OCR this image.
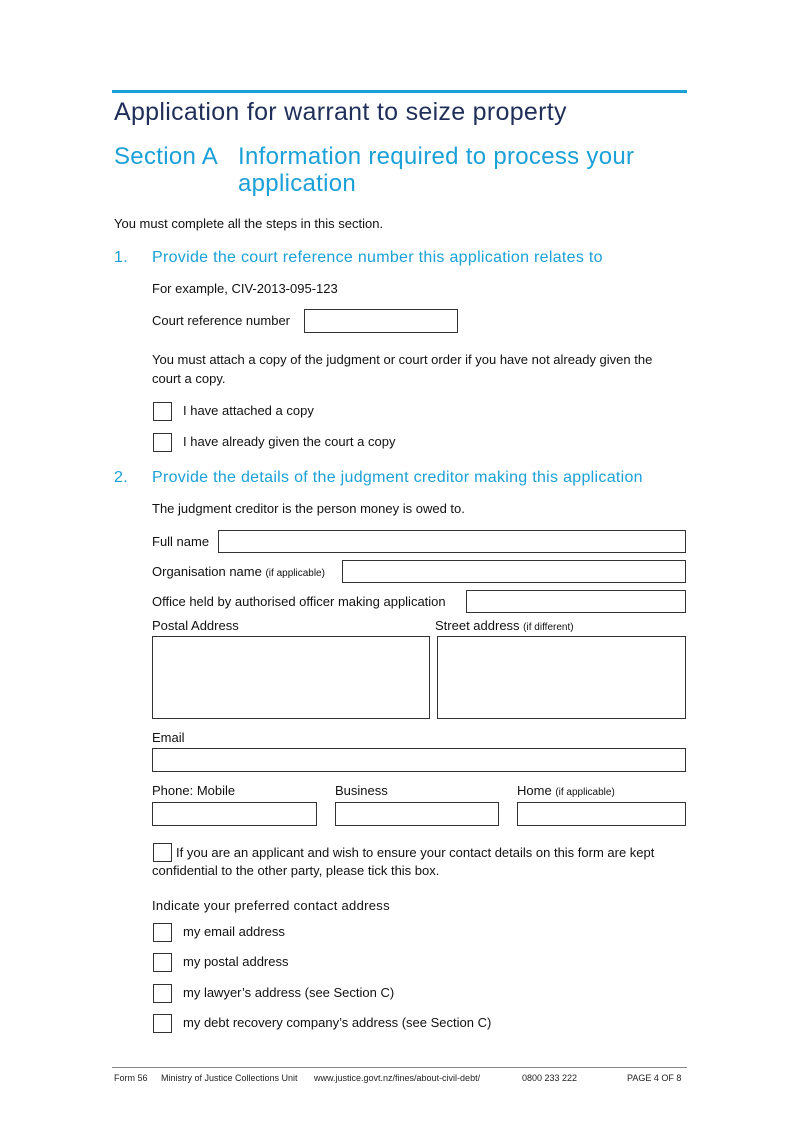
Application for warrant to seize property
Section A Information required to process your
application
You must complete all the steps in this section.
1. Provide the court reference number this application relates to
For example, CIV-2013-095-123
Court reference number
You must attach a copy of the judgment or court order if you have not already given the
court a copy.
I have attached a copy
I have already given the court a copy
2. Provide the details of the judgment creditor making this application
The judgment creditor is the person money is owed to.
Full name
Organisation name (if applicable)
Office held by authorised officer making application
Postal Address	Street address (if different)
Email
Phone: Mobile	Business	Home (if applicable)
If you are an applicant and wish to ensure your contact details on this form are kept
confidential to the other party, please tick this box.
Indicate your preferred contact address
my email address
my postal address
my lawyer’s address (see Section C)
my debt recovery company’s address (see Section C)
Form 56 Ministry of Justice Collections Unit www.justice.govt.nz/fines/about-civil-debt/	0800 233 222	PAGE 4 OF 8
